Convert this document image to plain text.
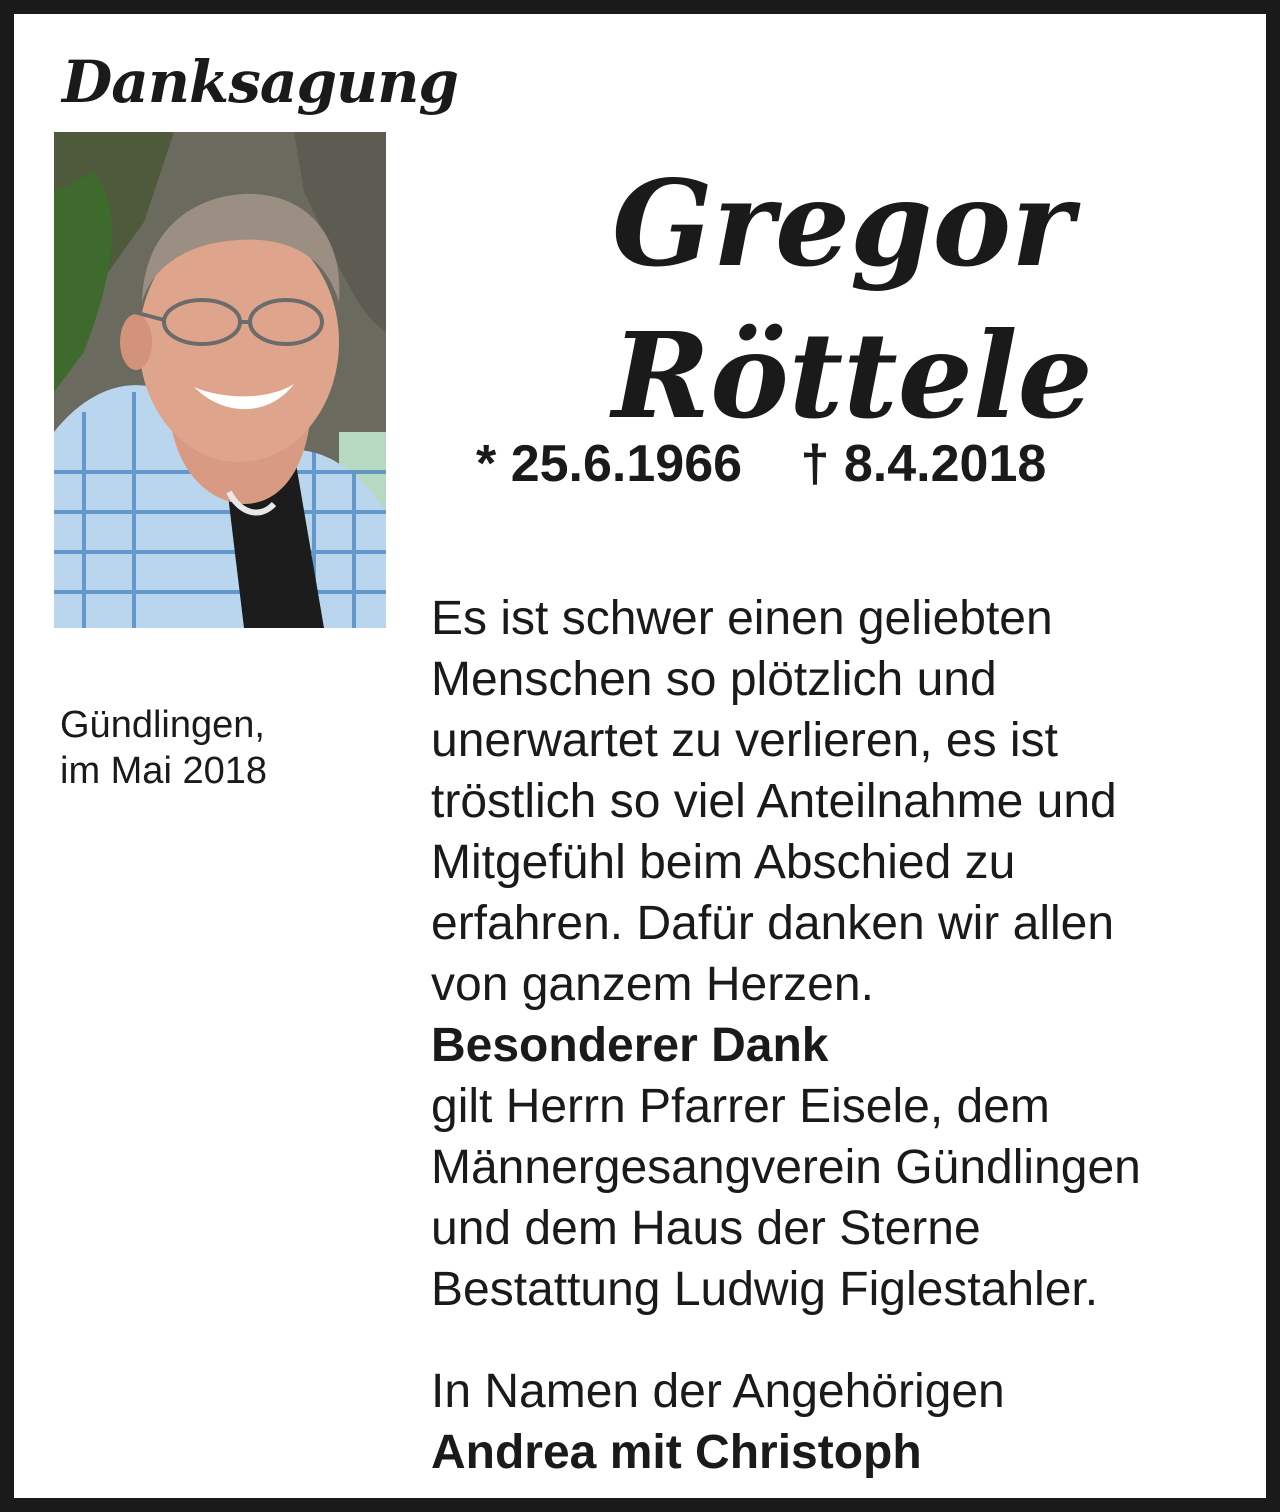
Danksagung
Gregor
Röttele
* 25.6.1966 † 8.4.2018
Gündlingen,
im Mai 2018

Es ist schwer einen geliebten

Menschen so plötzlich und

unerwartet zu verlieren, es ist

tröstlich so viel Anteilnahme und

Mitgefühl beim Abschied zu

erfahren. Dafür danken wir allen

von ganzem Herzen.

Besonderer Dank

gilt Herrn Pfarrer Eisele, dem

Männergesangverein Gündlingen

und dem Haus der Sterne

Bestattung Ludwig Figlestahler.

In Namen der Angehörigen

Andrea mit Christoph
